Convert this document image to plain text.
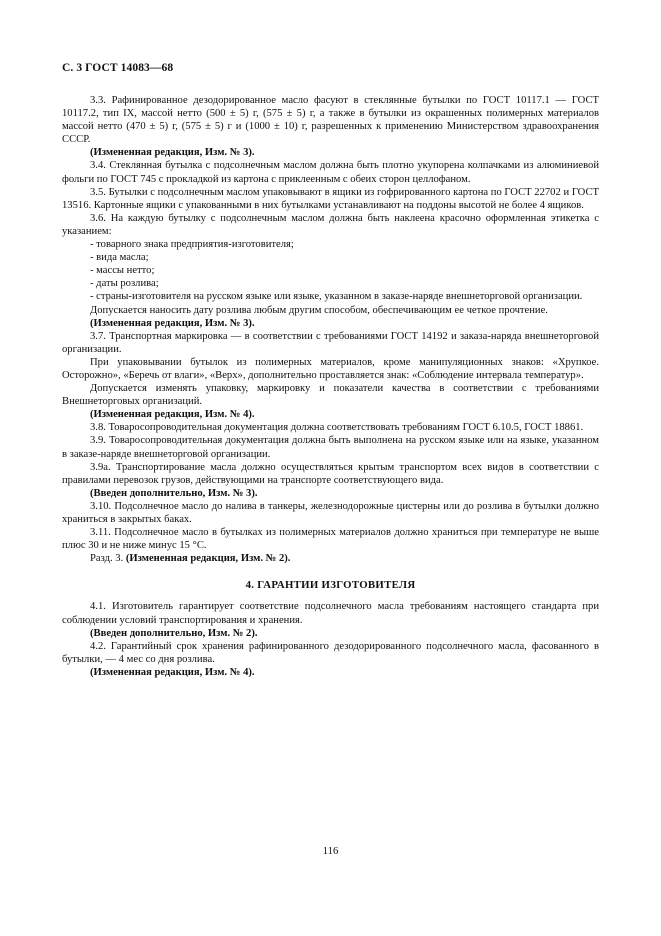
С. 3 ГОСТ 14083—68

3.3. Рафинированное дезодорированное масло фасуют в стеклянные бутылки по ГОСТ 10117.1 — ГОСТ 10117.2, тип IX, массой нетто (500 ± 5) г, (575 ± 5) г, а также в бутылки из окрашенных полимерных материалов массой нетто (470 ± 5) г, (575 ± 5) г и (1000 ± 10) г, разрешенных к применению Министерством здравоохранения СССР.

(Измененная редакция, Изм. № 3).

3.4. Стеклянная бутылка с подсолнечным маслом должна быть плотно укупорена колпачками из алюминиевой фольги по ГОСТ 745 с прокладкой из картона с приклеенным с обеих сторон целлофаном.

3.5. Бутылки с подсолнечным маслом упаковывают в ящики из гофрированного картона по ГОСТ 22702 и ГОСТ 13516. Картонные ящики с упакованными в них бутылками устанавливают на поддоны высотой не более 4 ящиков.

3.6. На каждую бутылку с подсолнечным маслом должна быть наклеена красочно оформленная этикетка с указанием:

- товарного знака предприятия-изготовителя;

- вида масла;

- массы нетто;

- даты розлива;

- страны-изготовителя на русском языке или языке, указанном в заказе-наряде внешнеторговой организации.

Допускается наносить дату розлива любым другим способом, обеспечивающим ее четкое прочтение.

(Измененная редакция, Изм. № 3).

3.7. Транспортная маркировка — в соответствии с требованиями ГОСТ 14192 и заказа-наряда внешнеторговой организации.

При упаковывании бутылок из полимерных материалов, кроме манипуляционных знаков: «Хрупкое. Осторожно», «Беречь от влаги», «Верх», дополнительно проставляется знак: «Соблюдение интервала температур».

Допускается изменять упаковку, маркировку и показатели качества в соответствии с требованиями Внешнеторговых организаций.

(Измененная редакция, Изм. № 4).

3.8. Товаросопроводительная документация должна соответствовать требованиям ГОСТ 6.10.5, ГОСТ 18861.

3.9. Товаросопроводительная документация должна быть выполнена на русском языке или на языке, указанном в заказе-наряде внешнеторговой организации.

3.9а. Транспортирование масла должно осуществляться крытым транспортом всех видов в соответствии с правилами перевозок грузов, действующими на транспорте соответствующего вида.

(Введен дополнительно, Изм. № 3).

3.10. Подсолнечное масло до налива в танкеры, железнодорожные цистерны или до розлива в бутылки должно храниться в закрытых баках.

3.11. Подсолнечное масло в бутылках из полимерных материалов должно храниться при температуре не выше плюс 30 и не ниже минус 15 °С.

Разд. 3. (Измененная редакция, Изм. № 2).

4. ГАРАНТИИ ИЗГОТОВИТЕЛЯ

4.1. Изготовитель гарантирует соответствие подсолнечного масла требованиям настоящего стандарта при соблюдении условий транспортирования и хранения.

(Введен дополнительно, Изм. № 2).

4.2. Гарантийный срок хранения рафинированного дезодорированного подсолнечного масла, фасованного в бутылки, — 4 мес со дня розлива.

(Измененная редакция, Изм. № 4).

116
